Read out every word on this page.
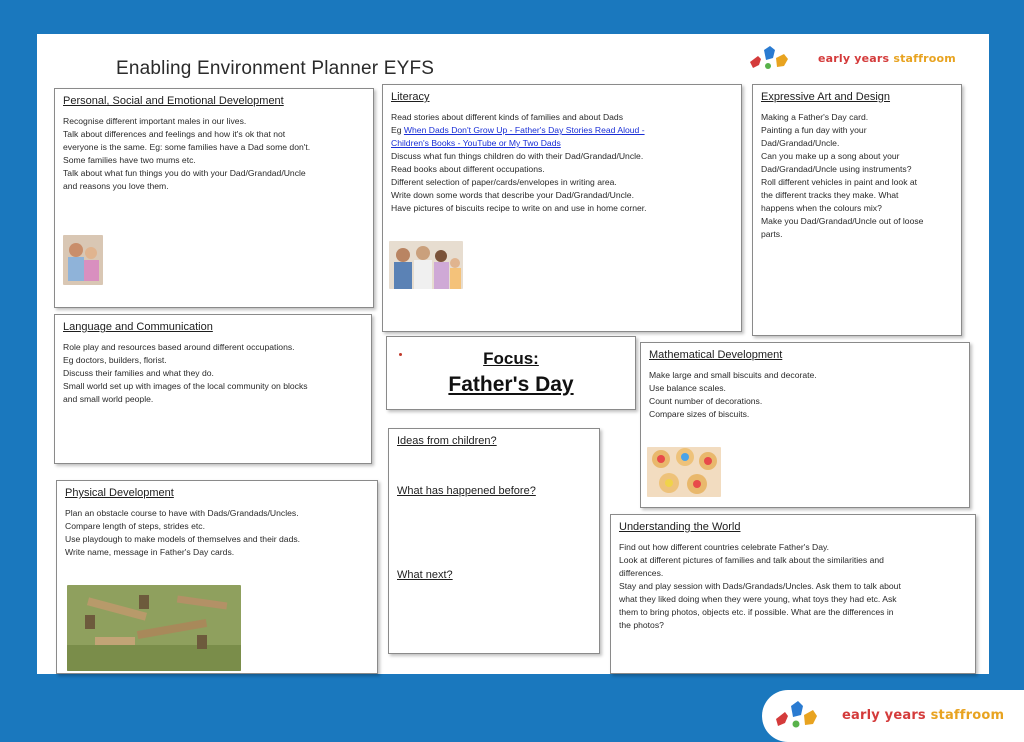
Enabling Environment Planner EYFS	early years staffroom
Personal, Social and Emotional Development

Recognise different important males in our lives.

Talk about differences and feelings and how it's ok that not

everyone is the same. Eg: some families have a Dad some don't.

Some families have two mums etc.

Talk about what fun things you do with your Dad/Grandad/Uncle

and reasons you love them.

Literacy

Read stories about different kinds of families and about Dads

Eg When Dads Don't Grow Up - Father's Day Stories Read Aloud -

Children's Books - YouTube or My Two Dads

Discuss what fun things children do with their Dad/Grandad/Uncle.

Read books about different occupations.

Different selection of paper/cards/envelopes in writing area.

Write down some words that describe your Dad/Grandad/Uncle.

Have pictures of biscuits recipe to write on and use in home corner.

Expressive Art and Design

Making a Father's Day card.

Painting a fun day with your

Dad/Grandad/Uncle.

Can you make up a song about your

Dad/Grandad/Uncle using instruments?

Roll different vehicles in paint and look at

the different tracks they make. What

happens when the colours mix?

Make you Dad/Grandad/Uncle out of loose

parts.

Language and Communication

Role play and resources based around different occupations.

Eg doctors, builders, florist.

Discuss their families and what they do.

Small world set up with images of the local community on blocks

and small world people.

Focus:
Father's Day
Mathematical Development

Make large and small biscuits and decorate.

Use balance scales.

Count number of decorations.

Compare sizes of biscuits.

Ideas from children?
What has happened before?
What next?
Physical Development

Plan an obstacle course to have with Dads/Grandads/Uncles.

Compare length of steps, strides etc.

Use playdough to make models of themselves and their dads.

Write name, message in Father's Day cards.

Understanding the World

Find out how different countries celebrate Father's Day.

Look at different pictures of families and talk about the similarities and

differences.

Stay and play session with Dads/Grandads/Uncles. Ask them to talk about

what they liked doing when they were young, what toys they had etc. Ask

them to bring photos, objects etc. if possible. What are the differences in

the photos?

early years staffroom
